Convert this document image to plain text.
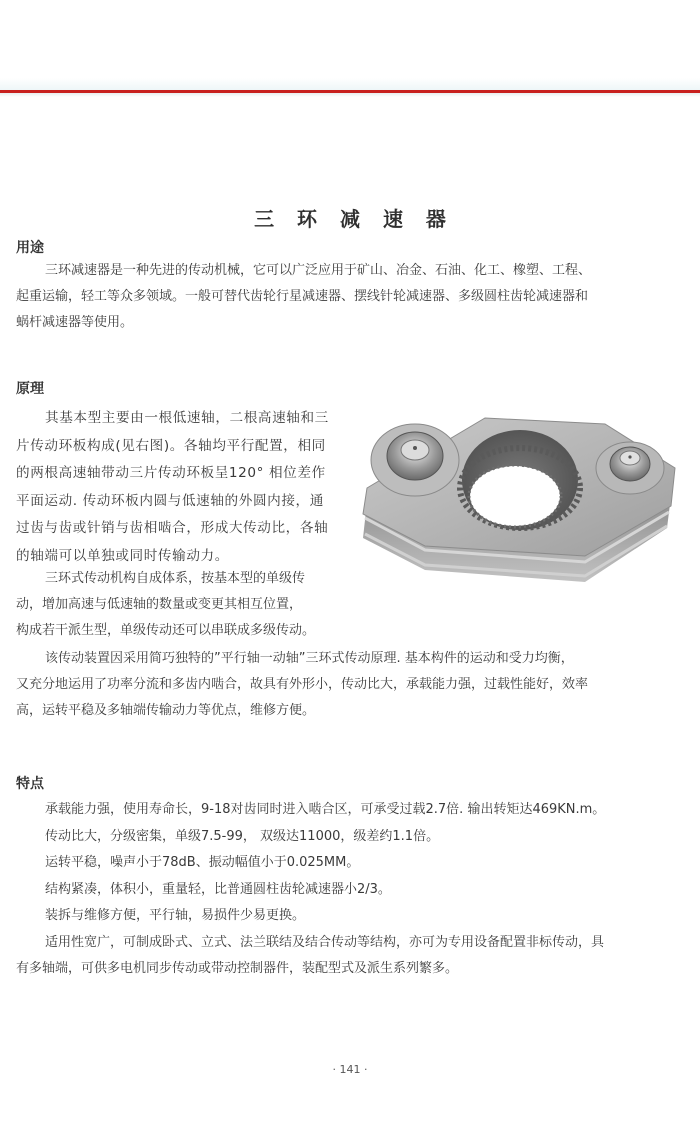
三 环 减 速 器
用途

三环减速器是一种先进的传动机械，它可以广泛应用于矿山、冶金、石油、化工、橡塑、工程、
起重运输，轻工等众多领域。一般可替代齿轮行星减速器、摆线针轮减速器、多级圆柱齿轮减速器和
蜗杆减速器等使用。

原理

其基本型主要由一根低速轴，二根高速轴和三
片传动环板构成(见右图)。各轴均平行配置，相同
的两根高速轴带动三片传动环板呈120° 相位差作
平面运动. 传动环板内圆与低速轴的外圆内接，通
过齿与齿或针销与齿相啮合，形成大传动比，各轴
的轴端可以单独或同时传输动力。

三环式传动机构自成体系，按基本型的单级传
动，增加高速与低速轴的数量或变更其相互位置，
构成若干派生型，单级传动还可以串联成多级传动。

该传动装置因采用简巧独特的”平行轴一动轴”三环式传动原理. 基本构件的运动和受力均衡，
又充分地运用了功率分流和多齿内啮合，故具有外形小，传动比大，承载能力强，过载性能好，效率
高，运转平稳及多轴端传输动力等优点，维修方便。

特点
承载能力强，使用寿命长，9-18对齿同时进入啮合区，可承受过载2.7倍. 输出转矩达469KN.m。
传动比大，分级密集，单级7.5-99， 双级达11000，级差约1.1倍。
运转平稳，噪声小于78dB、振动幅值小于0.025MM。
结构紧凑，体积小，重量轻，比普通圆柱齿轮减速器小2/3。
装拆与维修方便，平行轴，易损件少易更换。
适用性宽广，可制成卧式、立式、法兰联结及结合传动等结构，亦可为专用设备配置非标传动，具
有多轴端，可供多电机同步传动或带动控制器件，装配型式及派生系列繁多。
· 141 ·
